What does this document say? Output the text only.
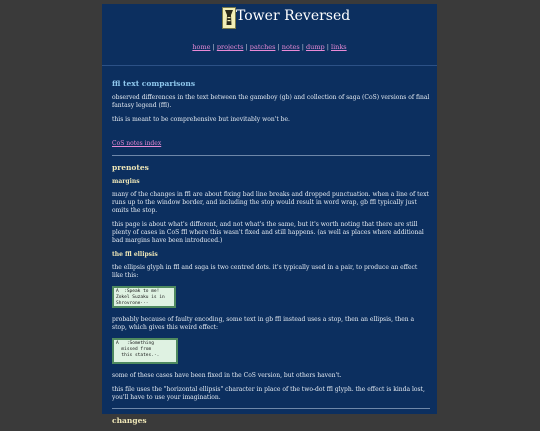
Tower Reversed
home | projects | patches | notes | dump | links
ffl text comparisons
observed differences in the text between the gameboy (gb) and collection of saga (CoS) versions of final fantasy legend (ffl).
this is meant to be comprehensive but inevitably won't be.
CoS notes index
prenotes
margins
many of the changes in ffl are about fixing bad line breaks and dropped punctuation. when a line of text runs up to the window border, and including the stop would result in word wrap, gb ffl typically just omits the stop.
this page is about what's different, and not what's the same, but it's worth noting that there are still plenty of cases in CoS ffl where this wasn't fixed and still happens. (as well as places where additional bad margins have been introduced.)
the ffl ellipsis
the ellipsis glyph in ffl and saga is two centred dots. it's typically used in a pair, to produce an effect like this:
A  :Speak to me!
Zokel Suzaku is in
Shrovrone···
probably because of faulty encoding, some text in gb ffl instead uses a stop, then an ellipsis, then a stop, which gives this weird effect:
A   :Something
missed from
this states.·.
some of these cases have been fixed in the CoS version, but others haven't.
this file uses the "horizontal ellipsis" character in place of the two-dot ffl glyph. the effect is kinda lost, you'll have to use your imagination.
changes
